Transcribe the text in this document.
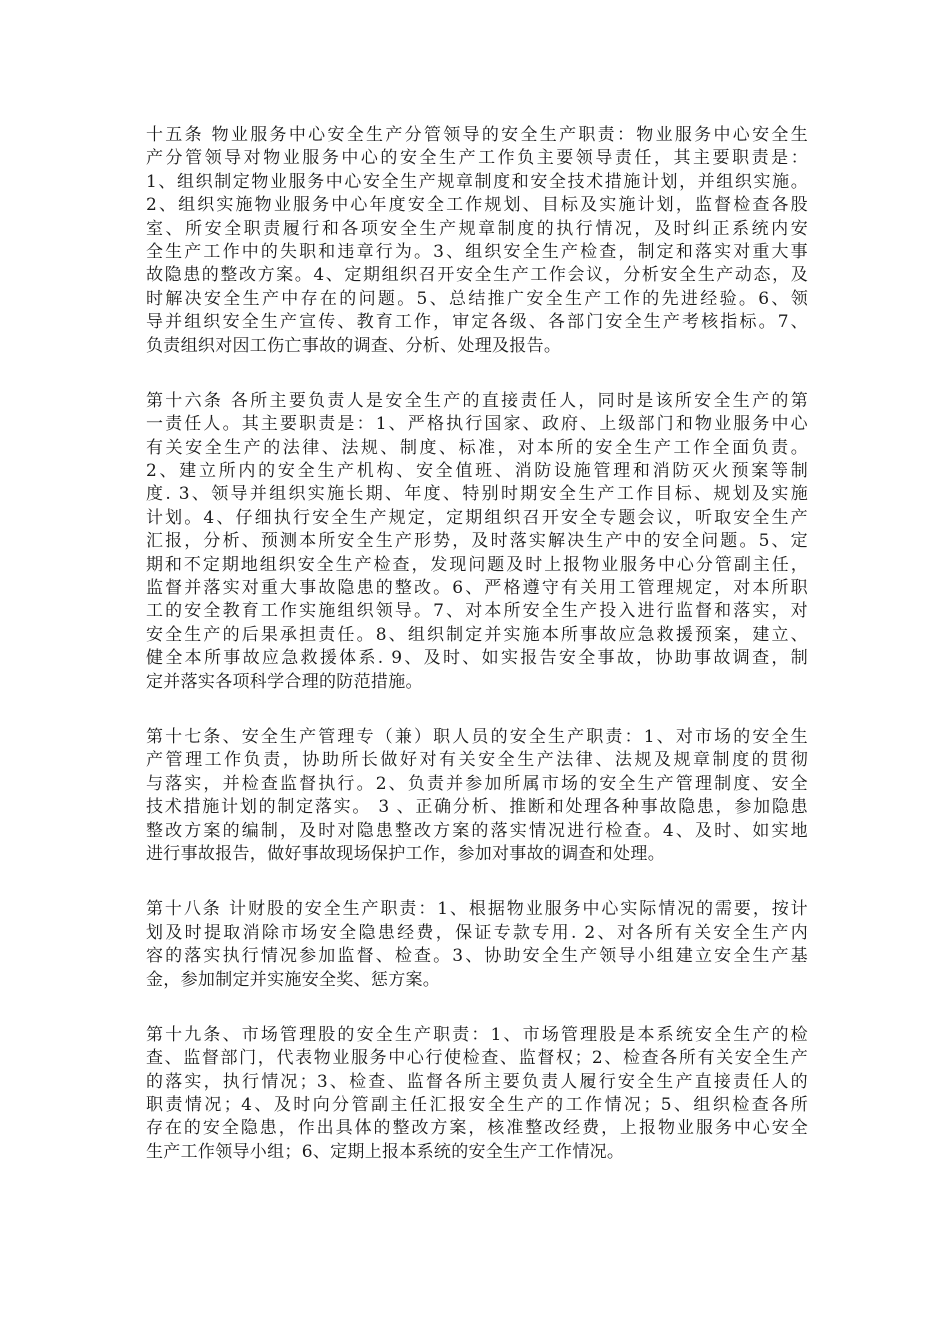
十五条 物业服务中心安全生产分管领导的安全生产职责：物业服务中心安全生
产分管领导对物业服务中心的安全生产工作负主要领导责任，其主要职责是：
1、组织制定物业服务中心安全生产规章制度和安全技术措施计划，并组织实施。
2、组织实施物业服务中心年度安全工作规划、目标及实施计划，监督检查各股
室、所安全职责履行和各项安全生产规章制度的执行情况，及时纠正系统内安
全生产工作中的失职和违章行为。3、组织安全生产检查，制定和落实对重大事
故隐患的整改方案。4、定期组织召开安全生产工作会议，分析安全生产动态，及
时解决安全生产中存在的问题。5、总结推广安全生产工作的先进经验。6、领
导并组织安全生产宣传、教育工作，审定各级、各部门安全生产考核指标。7、
负责组织对因工伤亡事故的调查、分析、处理及报告。
第十六条 各所主要负责人是安全生产的直接责任人，同时是该所安全生产的第
一责任人。其主要职责是：1、严格执行国家、政府、上级部门和物业服务中心
有关安全生产的法律、法规、制度、标准，对本所的安全生产工作全面负责。
2、建立所内的安全生产机构、安全值班、消防设施管理和消防灭火预案等制
度. 3、领导并组织实施长期、年度、特别时期安全生产工作目标、规划及实施
计划。4、仔细执行安全生产规定，定期组织召开安全专题会议，听取安全生产
汇报，分析、预测本所安全生产形势，及时落实解决生产中的安全问题。5、定
期和不定期地组织安全生产检查，发现问题及时上报物业服务中心分管副主任，
监督并落实对重大事故隐患的整改。6、严格遵守有关用工管理规定，对本所职
工的安全教育工作实施组织领导。7、对本所安全生产投入进行监督和落实，对
安全生产的后果承担责任。8、组织制定并实施本所事故应急救援预案，建立、
健全本所事故应急救援体系. 9、及时、如实报告安全事故，协助事故调查，制
定并落实各项科学合理的防范措施。
第十七条、安全生产管理专（兼）职人员的安全生产职责：1、对市场的安全生
产管理工作负责，协助所长做好对有关安全生产法律、法规及规章制度的贯彻
与落实，并检查监督执行。2、负责并参加所属市场的安全生产管理制度、安全
技术措施计划的制定落实。 3 、正确分析、推断和处理各种事故隐患，参加隐患
整改方案的编制，及时对隐患整改方案的落实情况进行检查。4、及时、如实地
进行事故报告，做好事故现场保护工作，参加对事故的调查和处理。
第十八条 计财股的安全生产职责：1、根据物业服务中心实际情况的需要，按计
划及时提取消除市场安全隐患经费，保证专款专用. 2、对各所有关安全生产内
容的落实执行情况参加监督、检查。3、协助安全生产领导小组建立安全生产基
金，参加制定并实施安全奖、惩方案。
第十九条、市场管理股的安全生产职责：1、市场管理股是本系统安全生产的检
查、监督部门，代表物业服务中心行使检查、监督权；2、检查各所有关安全生产
的落实，执行情况；3、检查、监督各所主要负责人履行安全生产直接责任人的
职责情况；4、及时向分管副主任汇报安全生产的工作情况；5、组织检查各所
存在的安全隐患，作出具体的整改方案，核准整改经费，上报物业服务中心安全
生产工作领导小组；6、定期上报本系统的安全生产工作情况。
